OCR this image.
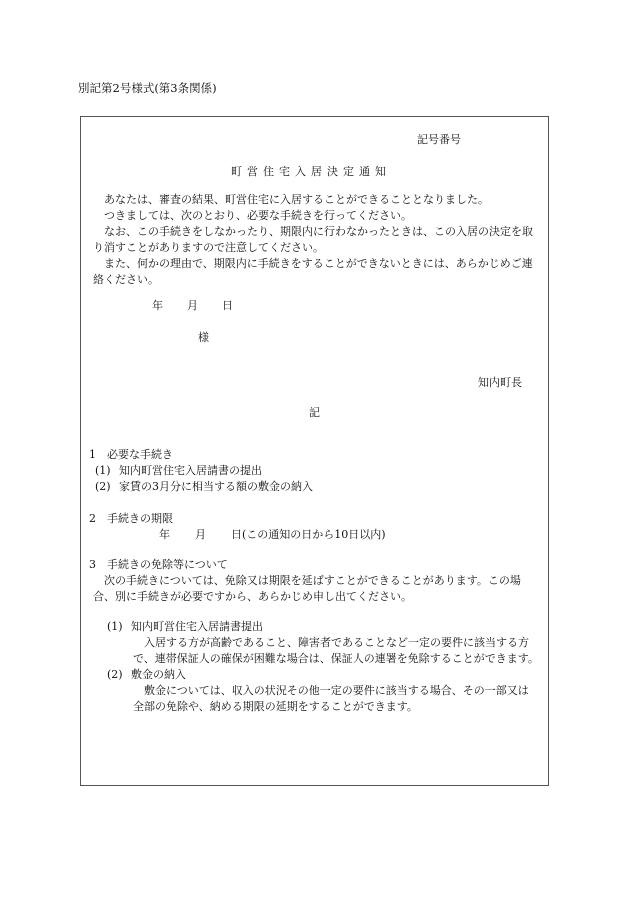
別記第2号様式(第3条関係)
記号番号
町営住宅入居決定通知

あなたは、審査の結果、町営住宅に入居することができることとなりました。

つきましては、次のとおり、必要な手続きを行ってください。

なお、この手続きをしなかったり、期限内に行わなかったときは、この入居の決定を取り消すことがありますので注意してください。

また、何かの理由で、期限内に手続きをすることができないときには、あらかじめご連絡ください。

年 月 日
様
知内町長
記
1　必要な手続き
(1) 知内町営住宅入居請書の提出
(2) 家賃の3月分に相当する額の敷金の納入
2　手続きの期限
年 月 日(この通知の日から10日以内)
3　手続きの免除等について
次の手続きについては、免除又は期限を延ばすことができることがあります。この場合、別に手続きが必要ですから、あらかじめ申し出てください。
(1) 知内町営住宅入居請書提出
入居する方が高齢であること、障害者であることなど一定の要件に該当する方で、連帯保証人の確保が困難な場合は、保証人の連署を免除することができます。
(2) 敷金の納入
敷金については、収入の状況その他一定の要件に該当する場合、その一部又は全部の免除や、納める期限の延期をすることができます。
